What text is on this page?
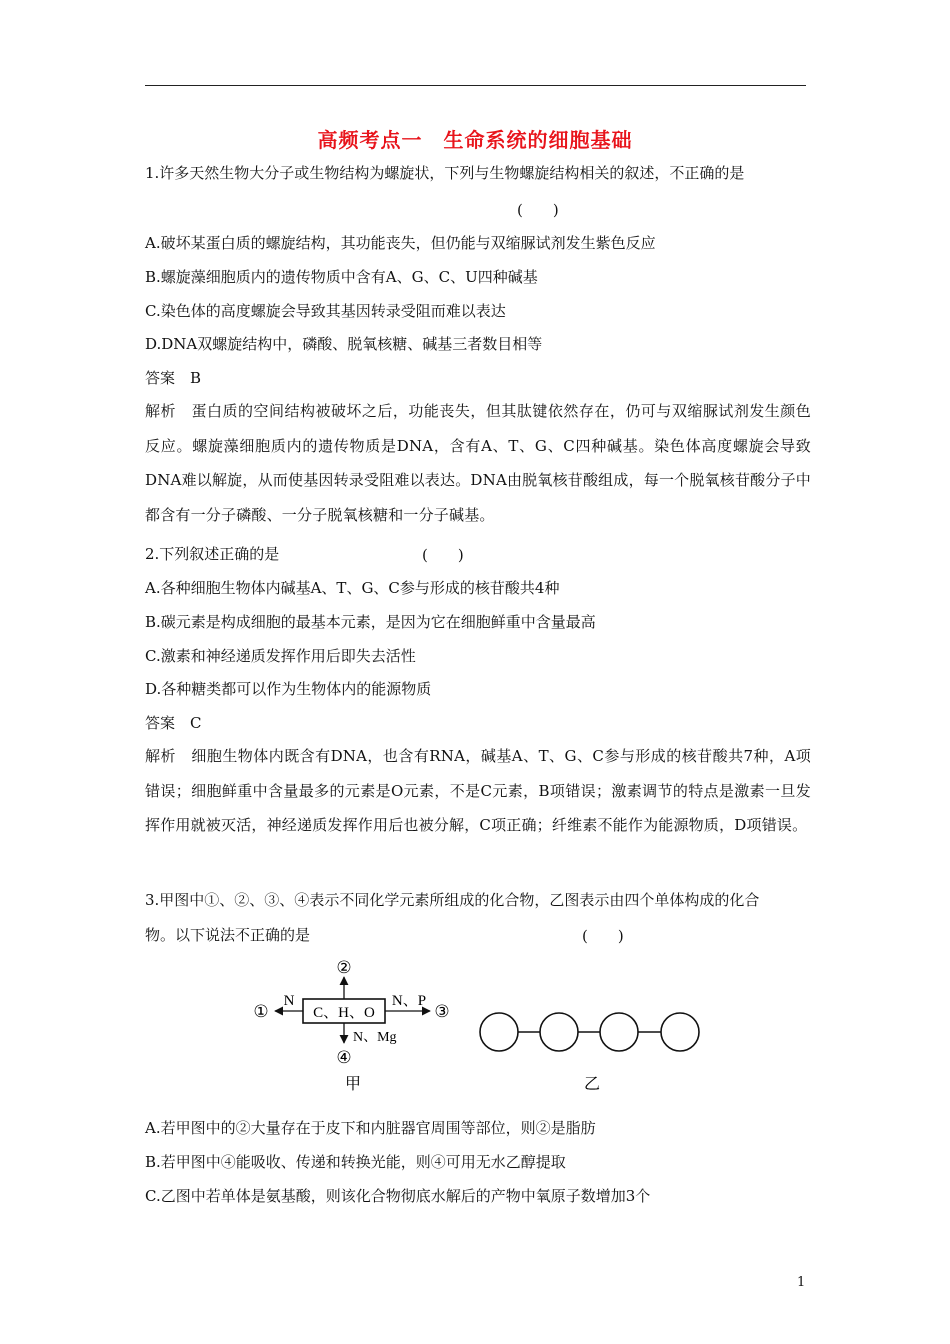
高频考点一　生命系统的细胞基础
1.许多天然生物大分子或生物结构为螺旋状，下列与生物螺旋结构相关的叙述，不正确的是
(　　)
A.破坏某蛋白质的螺旋结构，其功能丧失，但仍能与双缩脲试剂发生紫色反应
B.螺旋藻细胞质内的遗传物质中含有A、G、C、U四种碱基
C.染色体的高度螺旋会导致其基因转录受阻而难以表达
D.DNA双螺旋结构中，磷酸、脱氧核糖、碱基三者数目相等
答案　B
解析　蛋白质的空间结构被破坏之后，功能丧失，但其肽键依然存在，仍可与双缩脲试剂发生颜色反应。螺旋藻细胞质内的遗传物质是DNA，含有A、T、G、C四种碱基。染色体高度螺旋会导致DNA难以解旋，从而使基因转录受阻难以表达。DNA由脱氧核苷酸组成，每一个脱氧核苷酸分子中都含有一分子磷酸、一分子脱氧核糖和一分子碱基。
2.下列叙述正确的是	(　　)
A.各种细胞生物体内碱基A、T、G、C参与形成的核苷酸共4种
B.碳元素是构成细胞的最基本元素，是因为它在细胞鲜重中含量最高
C.激素和神经递质发挥作用后即失去活性
D.各种糖类都可以作为生物体内的能源物质
答案　C
解析　细胞生物体内既含有DNA，也含有RNA，碱基A、T、G、C参与形成的核苷酸共7种，A项错误；细胞鲜重中含量最多的元素是O元素，不是C元素，B项错误；激素调节的特点是激素一旦发挥作用就被灭活，神经递质发挥作用后也被分解，C项正确；纤维素不能作为能源物质，D项错误。
3.甲图中①、②、③、④表示不同化学元素所组成的化合物，乙图表示由四个单体构成的化合
物。以下说法不正确的是	(　　)
C、H、O
②
N
①
N、P
③
N、Mg
④
甲	乙
A.若甲图中的②大量存在于皮下和内脏器官周围等部位，则②是脂肪
B.若甲图中④能吸收、传递和转换光能，则④可用无水乙醇提取
C.乙图中若单体是氨基酸，则该化合物彻底水解后的产物中氧原子数增加3个
1
